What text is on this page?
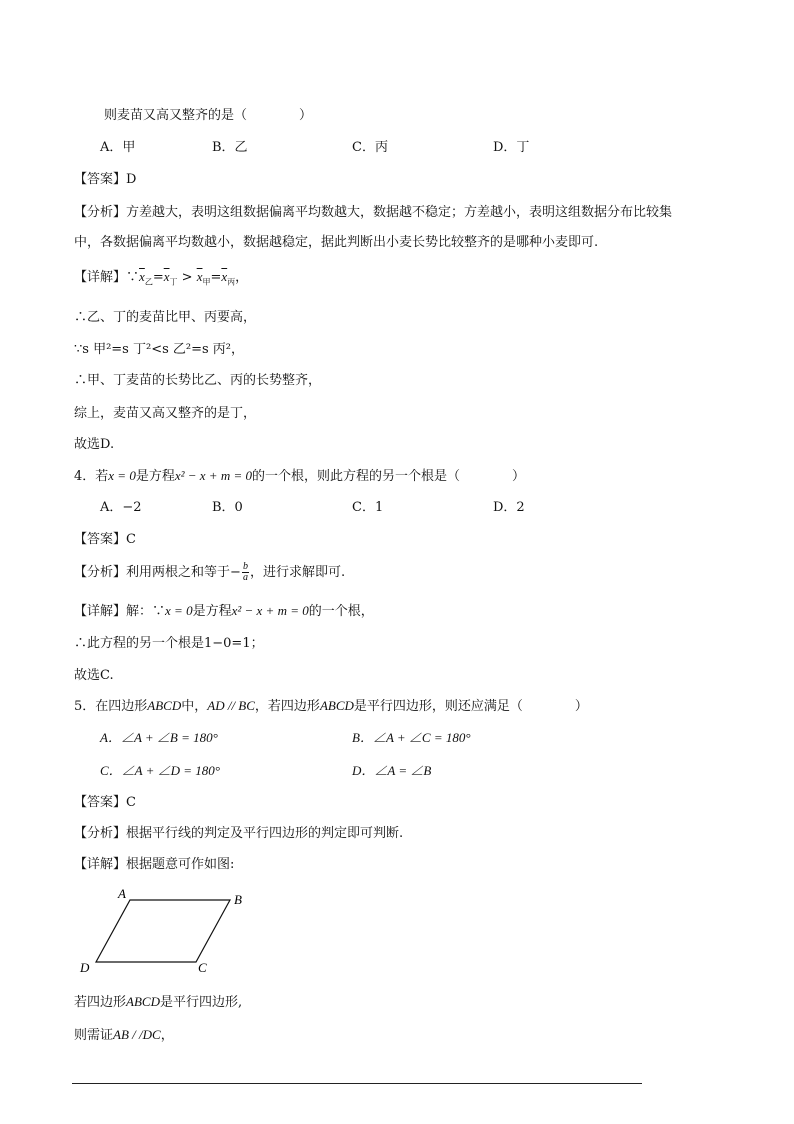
则麦苗又高又整齐的是（　　　　）
A．甲	B．乙	C．丙	D．丁
【答案】D
【分析】方差越大，表明这组数据偏离平均数越大，数据越不稳定；方差越小，表明这组数据分布比较集
中，各数据偏离平均数越小，数据越稳定，据此判断出小麦长势比较整齐的是哪种小麦即可.
【详解】$\because\overline{x}_乙=\overline{x}_丁 > \overline{x}_甲=\overline{x}_丙$，
∴乙、丁的麦苗比甲、丙要高，
∵s 甲²=s 丁²<s 乙²=s 丙²，
∴甲、丁麦苗的长势比乙、丙的长势整齐，
综上，麦苗又高又整齐的是丁，
故选D.
4．若x = 0是方程x² − x + m = 0的一个根，则此方程的另一个根是（　　　　）
A．−2	B．0	C．1	D．2
【答案】C
【分析】利用两根之和等于− $\frac{b}{a}$ ，进行求解即可.
【详解】解：∵x = 0是方程x² − x + m = 0的一个根，
∴此方程的另一个根是1−0=1；
故选C.
5．在四边形ABCD中，AD // BC，若四边形ABCD是平行四边形，则还应满足（　　　　）
A．∠A + ∠B = 180°	B．∠A + ∠C = 180°
C．∠A + ∠D = 180°	D．∠A = ∠B
【答案】C
【分析】根据平行线的判定及平行四边形的判定即可判断.
【详解】根据题意可作如图:
A	B
C
D
若四边形ABCD是平行四边形,
则需证AB / /DC，
